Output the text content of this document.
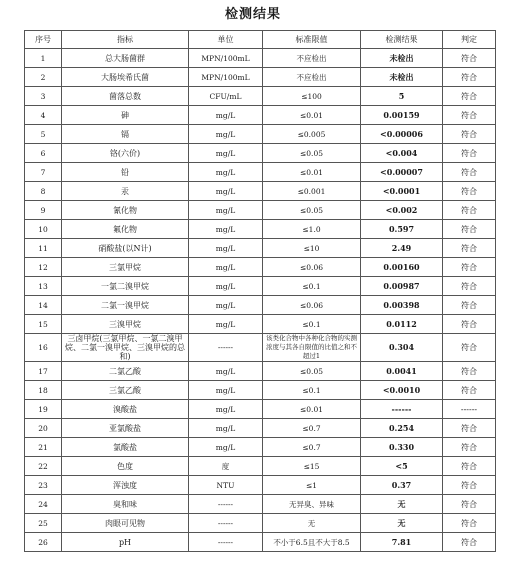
检测结果
序号	指标	单位	标准限值	检测结果	判定
1	总大肠菌群	MPN/100mL	不应检出	未检出	符合
2	大肠埃希氏菌	MPN/100mL	不应检出	未检出	符合
3	菌落总数	CFU/mL	≤100	5	符合
4	砷	mg/L	≤0.01	0.00159	符合
5	镉	mg/L	≤0.005	<0.00006	符合
6	铬(六价)	mg/L	≤0.05	<0.004	符合
7	铅	mg/L	≤0.01	<0.00007	符合
8	汞	mg/L	≤0.001	<0.0001	符合
9	氰化物	mg/L	≤0.05	<0.002	符合
10	氟化物	mg/L	≤1.0	0.597	符合
11	硝酸盐(以N计)	mg/L	≤10	2.49	符合
12	三氯甲烷	mg/L	≤0.06	0.00160	符合
13	一氯二溴甲烷	mg/L	≤0.1	0.00987	符合
14	二氯一溴甲烷	mg/L	≤0.06	0.00398	符合
15	三溴甲烷	mg/L	≤0.1	0.0112	符合
16	三卤甲烷(三氯甲烷、一氯二溴甲烷、二氯一溴甲烷、三溴甲烷的总和)	------	该类化合物中各种化合物的实测浓度与其各自限值的比值之和不超过1	0.304	符合
17	二氯乙酸	mg/L	≤0.05	0.0041	符合
18	三氯乙酸	mg/L	≤0.1	<0.0010	符合
19	溴酸盐	mg/L	≤0.01	------	------
20	亚氯酸盐	mg/L	≤0.7	0.254	符合
21	氯酸盐	mg/L	≤0.7	0.330	符合
22	色度	度	≤15	<5	符合
23	浑浊度	NTU	≤1	0.37	符合
24	臭和味	------	无异臭、异味	无	符合
25	肉眼可见物	------	无	无	符合
26	pH	------	不小于6.5且不大于8.5	7.81	符合
